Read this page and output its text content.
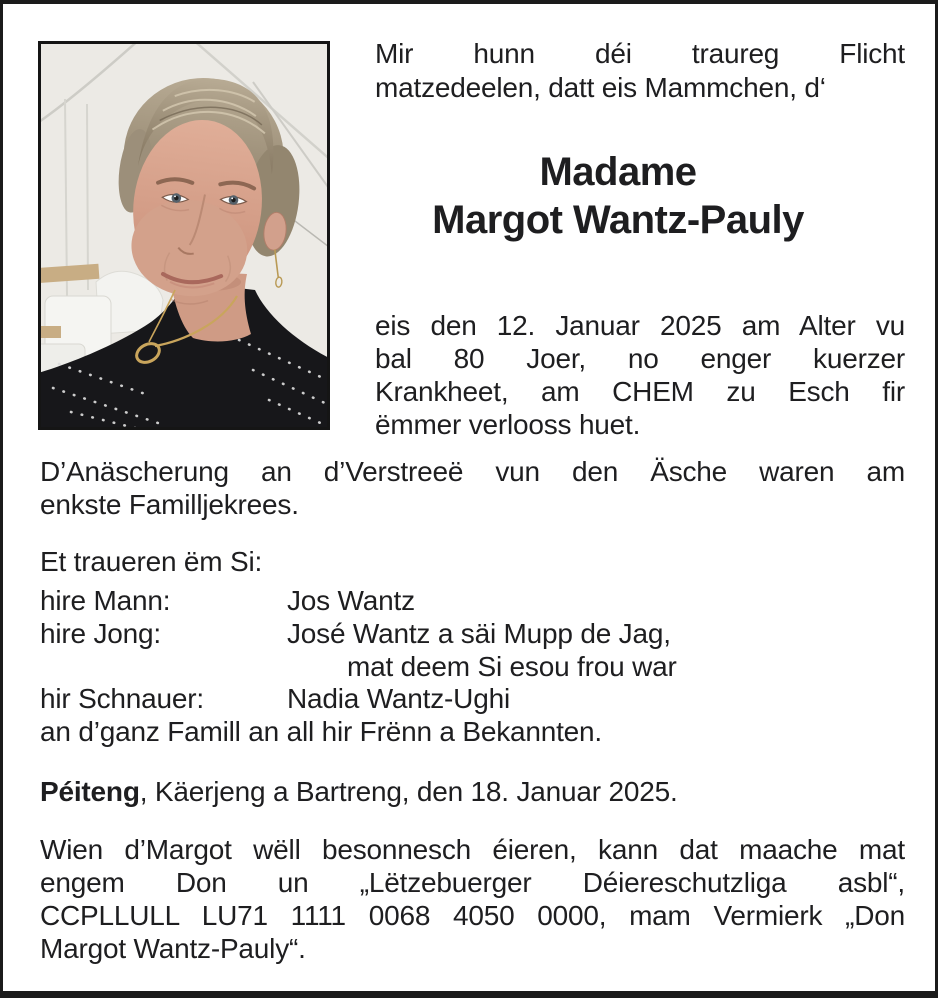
Mir hunn déi traureg Flicht
matzedeelen, datt eis Mammchen, d‘
Madame
Margot Wantz-Pauly
eis den 12. Januar 2025 am Alter vu
bal 80 Joer, no enger kuerzer
Krankheet, am CHEM zu Esch fir
ëmmer verlooss huet.
D’Anäscherung an d’Verstreeë vun den Äsche waren am
enkste Familljekrees.
Et traueren ëm Si:
hire Mann:	Jos Wantz
hire Jong:	José Wantz a säi Mupp de Jag,
mat deem Si esou frou war
hir Schnauer:	Nadia Wantz-Ughi
an d’ganz Famill an all hir Frënn a Bekannten.
Péiteng, Käerjeng a Bartreng, den 18. Januar 2025.
Wien d’Margot wëll besonnesch éieren, kann dat maache mat
engem Don un „Lëtzebuerger Déiereschutzliga asbl“,
CCPLLULL LU71 1111 0068 4050 0000, mam Vermierk „Don
Margot Wantz-Pauly“.
